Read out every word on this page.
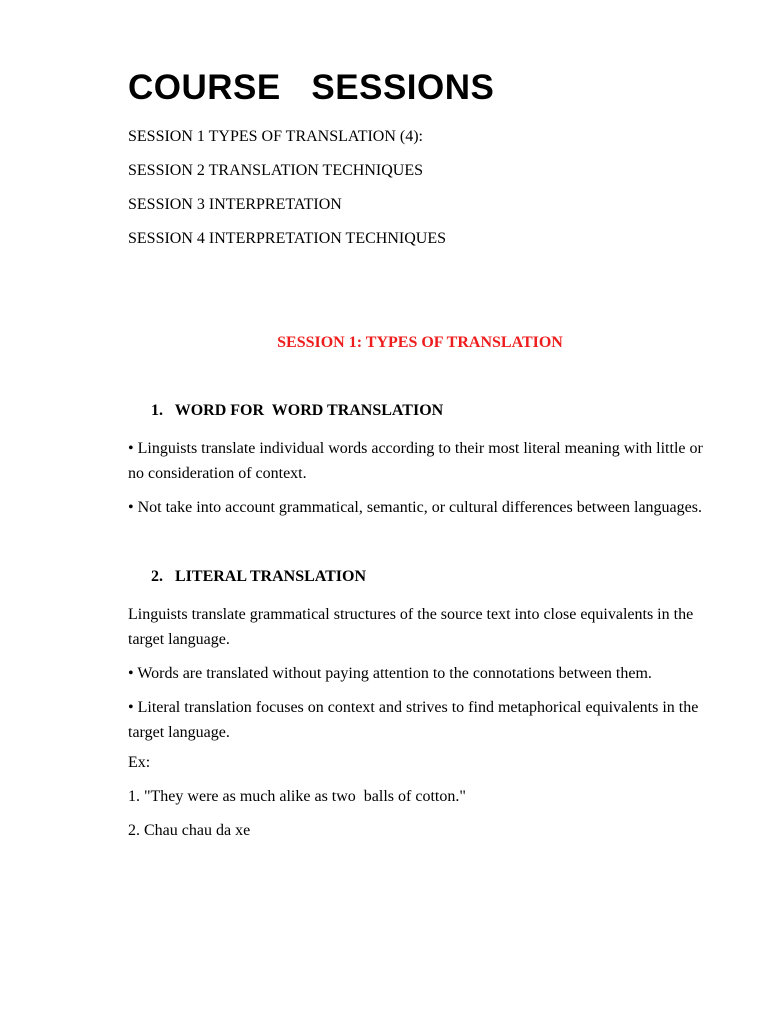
COURSE   SESSIONS

SESSION 1 TYPES OF TRANSLATION (4):

SESSION 2 TRANSLATION TECHNIQUES

SESSION 3 INTERPRETATION

SESSION 4 INTERPRETATION TECHNIQUES

SESSION 1: TYPES OF TRANSLATION
1.   WORD FOR  WORD TRANSLATION

• Linguists translate individual words according to their most literal meaning with little or no consideration of context.

• Not take into account grammatical, semantic, or cultural differences between languages.

2.   LITERAL TRANSLATION

Linguists translate grammatical structures of the source text into close equivalents in the target language.

• Words are translated without paying attention to the connotations between them.

• Literal translation focuses on context and strives to find metaphorical equivalents in the target language.

Ex:

1. "They were as much alike as two  balls of cotton."

2. Chau chau da xe
